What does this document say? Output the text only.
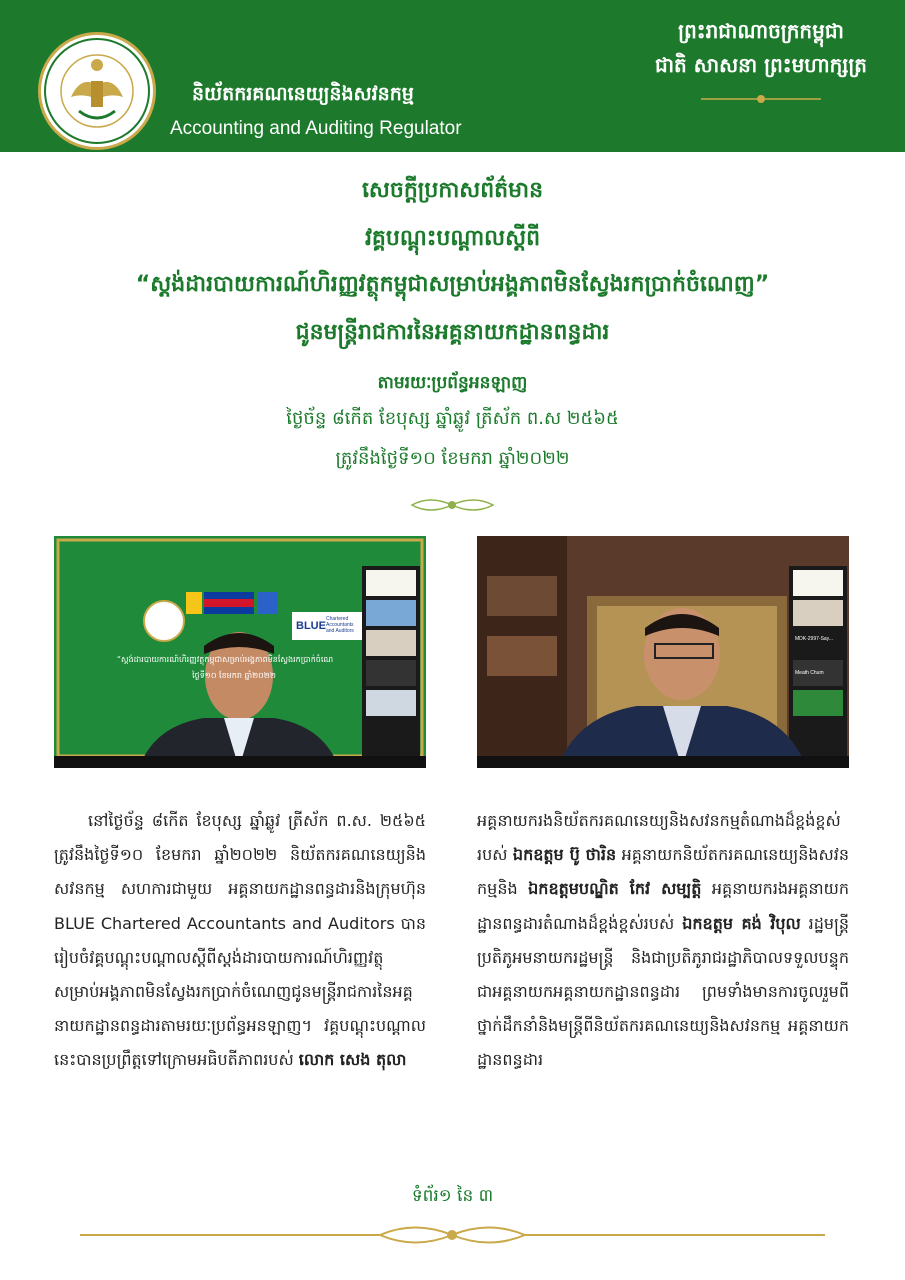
និយ័តករគណនេយ្យនិងសវនកម្ម
Accounting and Auditing Regulator
ព្រះរាជាណាចក្រកម្ពុជា
ជាតិ សាសនា ព្រះមហាក្សត្រ
សេចក្តីប្រកាសព័ត៌មាន
វគ្គបណ្តុះបណ្តាលស្តីពី
“ស្តង់ដារបាយការណ៍ហិរញ្ញវត្ថុកម្ពុជាសម្រាប់អង្គភាពមិនស្វែងរកប្រាក់ចំណេញ”
ជូនមន្ត្រីរាជការនៃអគ្គនាយកដ្ឋានពន្ធដារ
តាមរយៈប្រព័ន្ធអនឡាញ
ថ្ងៃច័ន្ទ ៨កើត ខែបុស្ស ឆ្នាំឆ្លូវ ត្រីស័ក ព.ស ២៥៦៥
ត្រូវនឹងថ្ងៃទី១០ ខែមករា ឆ្នាំ២០២២
“ស្តង់ដារបាយការណ៍ហិរញ្ញវត្ថុកម្ពុជាសម្រាប់អង្គភាពមិនស្វែងរកប្រាក់ចំណេ
ថ្ងៃទី១០ ខែមករា ឆ្នាំ២០២២
BLUE
Chartered Accountants and Auditors
MDK-2997-Say...
Meath Chum
នៅថ្ងៃច័ន្ទ ៨កើត ខែបុស្ស ឆ្នាំឆ្លូវ ត្រីស័ក ព.ស. ២៥៦៥ ត្រូវនឹងថ្ងៃទី១០ ខែមករា ឆ្នាំ២០២២ និយ័តករគណនេយ្យនិងសវនកម្ម សហការជាមួយ អគ្គនាយកដ្ឋានពន្ធដារនិងក្រុមហ៊ុន BLUE Chartered Accountants and Auditors បានរៀបចំវគ្គបណ្តុះបណ្តាលស្តីពីស្តង់ដារបាយការណ៍ហិរញ្ញវត្ថុសម្រាប់អង្គភាពមិនស្វែងរកប្រាក់ចំណេញជូនមន្ត្រីរាជការនៃអគ្គនាយកដ្ឋានពន្ធដារតាមរយៈប្រព័ន្ធអនឡាញ។ វគ្គបណ្តុះបណ្តាលនេះបានប្រព្រឹត្តទៅក្រោមអធិបតីភាពរបស់ លោក សេង តុលា
អគ្គនាយករងនិយ័តករគណនេយ្យនិងសវនកម្មតំណាងដ៏ខ្ពង់ខ្ពស់របស់ ឯកឧត្តម ប៊ូ ថារិន អគ្គនាយកនិយ័តករគណនេយ្យនិងសវនកម្មនិង ឯកឧត្តមបណ្ឌិត កែវ សម្បត្តិ អគ្គនាយករងអគ្គនាយកដ្ឋានពន្ធដារតំណាងដ៏ខ្ពង់ខ្ពស់របស់ ឯកឧត្តម គង់ វិបុល រដ្ឋមន្ត្រីប្រតិភូអមនាយករដ្ឋមន្ត្រី និងជាប្រតិភូរាជរដ្ឋាភិបាលទទួលបន្ទុកជាអគ្គនាយកអគ្គនាយកដ្ឋានពន្ធដារ ព្រមទាំងមានការចូលរួមពីថ្នាក់ដឹកនាំនិងមន្ត្រីពីនិយ័តករគណនេយ្យនិងសវនកម្ម អគ្គនាយកដ្ឋានពន្ធដារ
ទំព័រ១ នៃ ៣
